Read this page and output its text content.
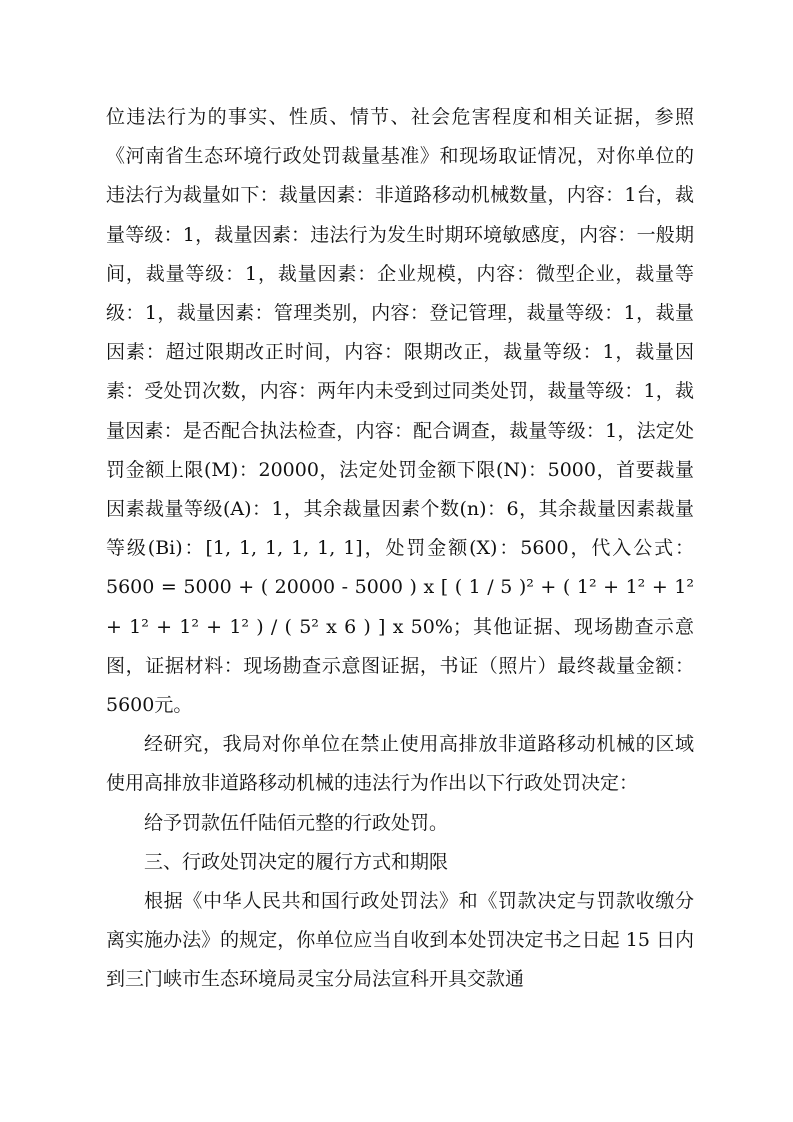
位违法行为的事实、性质、情节、社会危害程度和相关证据，参照《河南省生态环境行政处罚裁量基准》和现场取证情况，对你单位的违法行为裁量如下：裁量因素：非道路移动机械数量，内容：1台，裁量等级：1，裁量因素：违法行为发生时期环境敏感度，内容：一般期间，裁量等级：1，裁量因素：企业规模，内容：微型企业，裁量等级：1，裁量因素：管理类别，内容：登记管理，裁量等级：1，裁量因素：超过限期改正时间，内容：限期改正，裁量等级：1，裁量因素：受处罚次数，内容：两年内未受到过同类处罚，裁量等级：1，裁量因素：是否配合执法检查，内容：配合调查，裁量等级：1，法定处罚金额上限(M)：20000，法定处罚金额下限(N)：5000，首要裁量因素裁量等级(A)：1，其余裁量因素个数(n)：6，其余裁量因素裁量等级(Bi)：[1, 1, 1, 1, 1, 1]，处罚金额(X)：5600，代入公式：5600 = 5000 + ( 20000 - 5000 ) x [ ( 1 / 5 )² + ( 1² + 1² + 1² + 1² + 1² + 1² ) / ( 5² x 6 ) ] x 50%；其他证据、现场勘查示意图，证据材料：现场勘查示意图证据，书证（照片）最终裁量金额：5600元。

经研究，我局对你单位在禁止使用高排放非道路移动机械的区域使用高排放非道路移动机械的违法行为作出以下行政处罚决定：

给予罚款伍仟陆佰元整的行政处罚。

三、行政处罚决定的履行方式和期限

根据《中华人民共和国行政处罚法》和《罚款决定与罚款收缴分离实施办法》的规定，你单位应当自收到本处罚决定书之日起 15 日内到三门峡市生态环境局灵宝分局法宣科开具交款通
